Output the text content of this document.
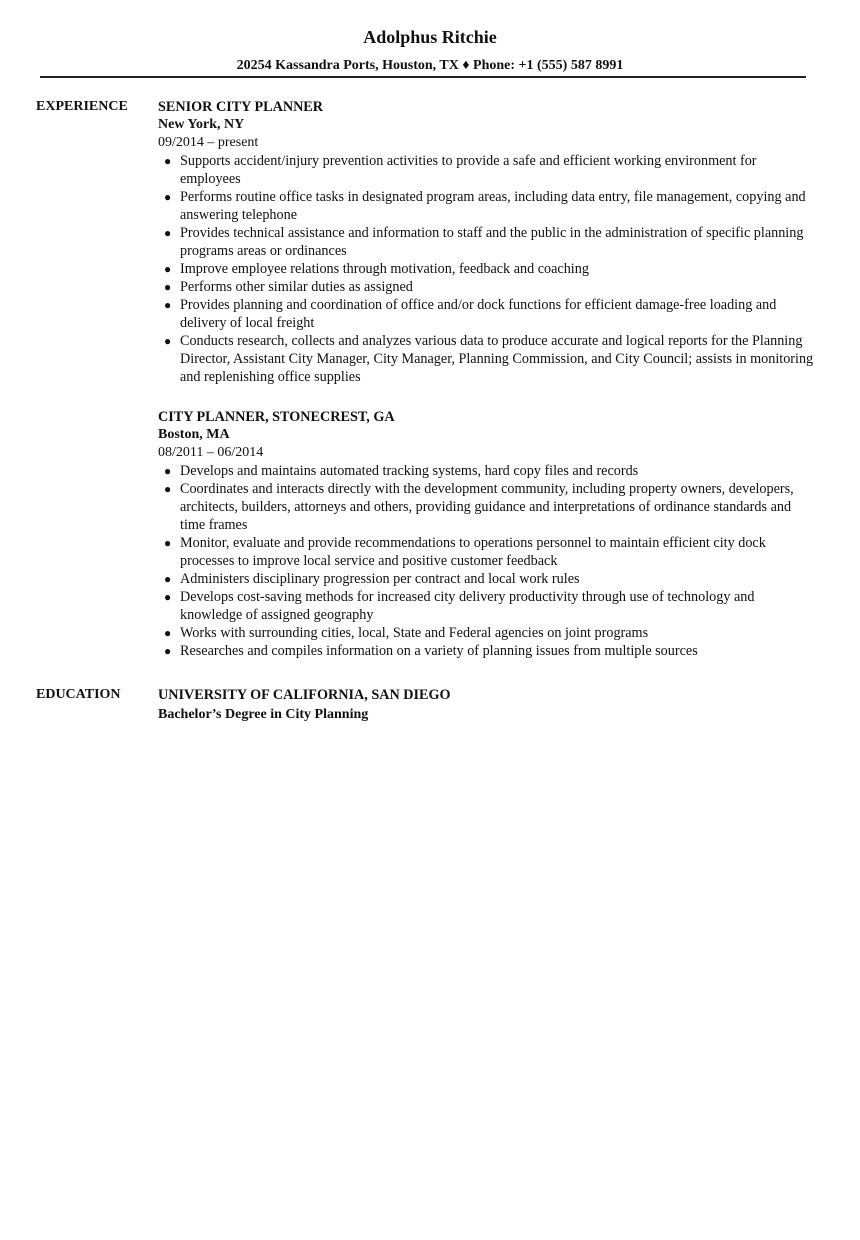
Adolphus Ritchie
20254 Kassandra Ports, Houston, TX ♦ Phone: +1 (555) 587 8991
EXPERIENCE	SENIOR CITY PLANNER
New York, NY
09/2014 – present
● Supports accident/injury prevention activities to provide a safe and efficient working environment for employees
● Performs routine office tasks in designated program areas, including data entry, file management, copying and answering telephone
● Provides technical assistance and information to staff and the public in the administration of specific planning programs areas or ordinances
● Improve employee relations through motivation, feedback and coaching
● Performs other similar duties as assigned
● Provides planning and coordination of office and/or dock functions for efficient damage-free loading and delivery of local freight
● Conducts research, collects and analyzes various data to produce accurate and logical reports for the Planning Director, Assistant City Manager, City Manager, Planning Commission, and City Council; assists in monitoring and replenishing office supplies
CITY PLANNER, STONECREST, GA
Boston, MA
08/2011 – 06/2014
● Develops and maintains automated tracking systems, hard copy files and records
● Coordinates and interacts directly with the development community, including property owners, developers, architects, builders, attorneys and others, providing guidance and interpretations of ordinance standards and time frames
● Monitor, evaluate and provide recommendations to operations personnel to maintain efficient city dock processes to improve local service and positive customer feedback
● Administers disciplinary progression per contract and local work rules
● Develops cost-saving methods for increased city delivery productivity through use of technology and knowledge of assigned geography
● Works with surrounding cities, local, State and Federal agencies on joint programs
● Researches and compiles information on a variety of planning issues from multiple sources
EDUCATION	UNIVERSITY OF CALIFORNIA, SAN DIEGO
Bachelor’s Degree in City Planning
